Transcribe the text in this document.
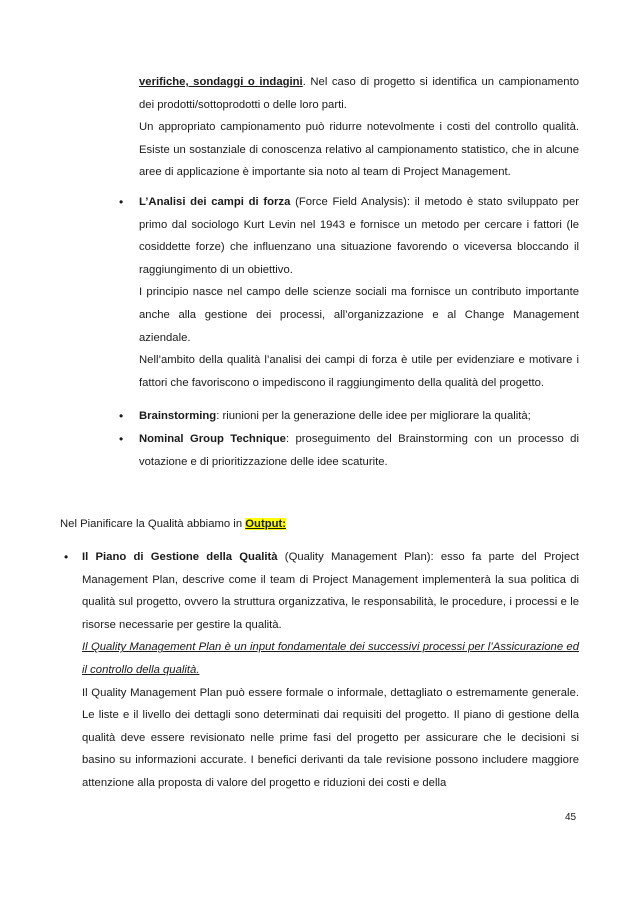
verifiche, sondaggi o indagini. Nel caso di progetto si identifica un campionamento dei prodotti/sottoprodotti o delle loro parti.

Un appropriato campionamento può ridurre notevolmente i costi del controllo qualità. Esiste un sostanziale di conoscenza relativo al campionamento statistico, che in alcune aree di applicazione è importante sia noto al team di Project Management.

• L’Analisi dei campi di forza (Force Field Analysis): il metodo è stato sviluppato per primo dal sociologo Kurt Levin nel 1943 e fornisce un metodo per cercare i fattori (le cosiddette forze) che influenzano una situazione favorendo o viceversa bloccando il raggiungimento di un obiettivo.

I principio nasce nel campo delle scienze sociali ma fornisce un contributo importante anche alla gestione dei processi, all’organizzazione e al Change Management aziendale.

Nell’ambito della qualità l’analisi dei campi di forza è utile per evidenziare e motivare i fattori che favoriscono o impediscono il raggiungimento della qualità del progetto.

• Brainstorming: riunioni per la generazione delle idee per migliorare la qualità;
• Nominal Group Technique: proseguimento del Brainstorming con un processo di votazione e di prioritizzazione delle idee scaturite.
Nel Pianificare la Qualità abbiamo in Output:
• Il Piano di Gestione della Qualità (Quality Management Plan): esso fa parte del Project Management Plan, descrive come il team di Project Management implementerà la sua politica di qualità sul progetto, ovvero la struttura organizzativa, le responsabilità, le procedure, i processi e le risorse necessarie per gestire la qualità.

Il Quality Management Plan è un input fondamentale dei successivi processi per l’Assicurazione ed il controllo della qualità.

Il Quality Management Plan può essere formale o informale, dettagliato o estremamente generale. Le liste e il livello dei dettagli sono determinati dai requisiti del progetto. Il piano di gestione della qualità deve essere revisionato nelle prime fasi del progetto per assicurare che le decisioni si basino su informazioni accurate. I benefici derivanti da tale revisione possono includere maggiore attenzione alla proposta di valore del progetto e riduzioni dei costi e della

45
